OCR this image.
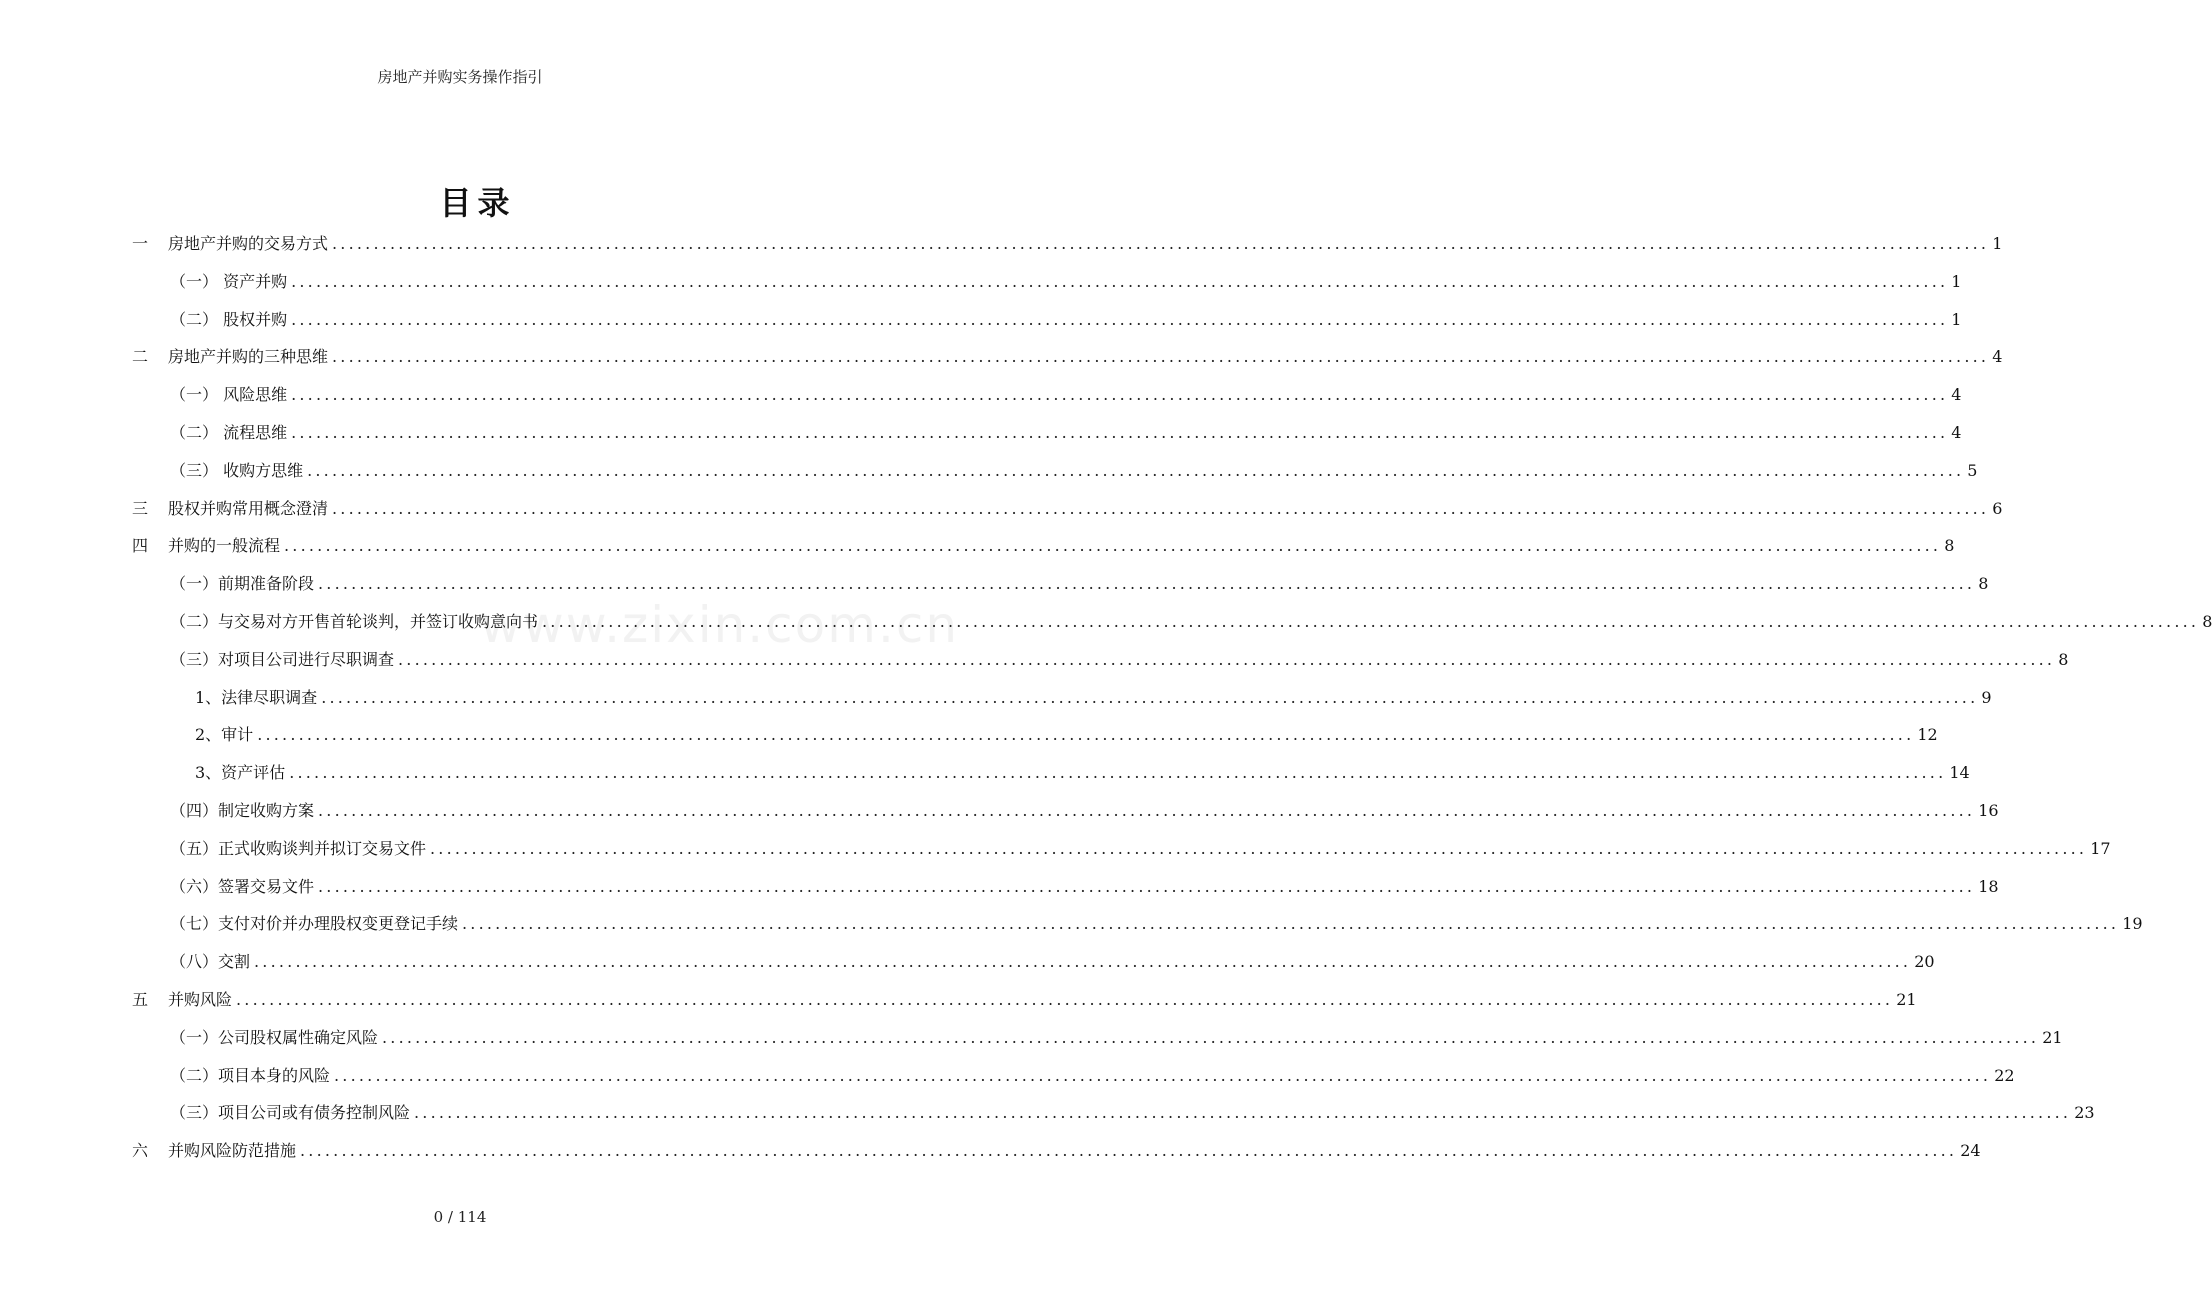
房地产并购实务操作指引
目录
www.zixin.com.cn
一 房地产并购的交易方式 ........................................................................................................................................................................................................ 1
（一） 资产并购 ........................................................................................................................................................................................................ 1
（二） 股权并购 ........................................................................................................................................................................................................ 1
二 房地产并购的三种思维 ........................................................................................................................................................................................................ 4
（一） 风险思维 ........................................................................................................................................................................................................ 4
（二） 流程思维 ........................................................................................................................................................................................................ 4
（三） 收购方思维 ........................................................................................................................................................................................................ 5
三 股权并购常用概念澄清 ........................................................................................................................................................................................................ 6
四 并购的一般流程 ........................................................................................................................................................................................................ 8
（一）前期准备阶段 ........................................................................................................................................................................................................ 8
（二）与交易对方开售首轮谈判，并签订收购意向书 ........................................................................................................................................................................................................ 8
（三）对项目公司进行尽职调查 ........................................................................................................................................................................................................ 8
1、法律尽职调查 ........................................................................................................................................................................................................ 9
2、审计 ........................................................................................................................................................................................................ 12
3、资产评估 ........................................................................................................................................................................................................ 14
（四）制定收购方案 ........................................................................................................................................................................................................ 16
（五）正式收购谈判并拟订交易文件 ........................................................................................................................................................................................................ 17
（六）签署交易文件 ........................................................................................................................................................................................................ 18
（七）支付对价并办理股权变更登记手续 ........................................................................................................................................................................................................ 19
（八）交割 ........................................................................................................................................................................................................ 20
五 并购风险 ........................................................................................................................................................................................................ 21
（一）公司股权属性确定风险 ........................................................................................................................................................................................................ 21
（二）项目本身的风险 ........................................................................................................................................................................................................ 22
（三）项目公司或有债务控制风险 ........................................................................................................................................................................................................ 23
六 并购风险防范措施 ........................................................................................................................................................................................................ 24
0 / 114
